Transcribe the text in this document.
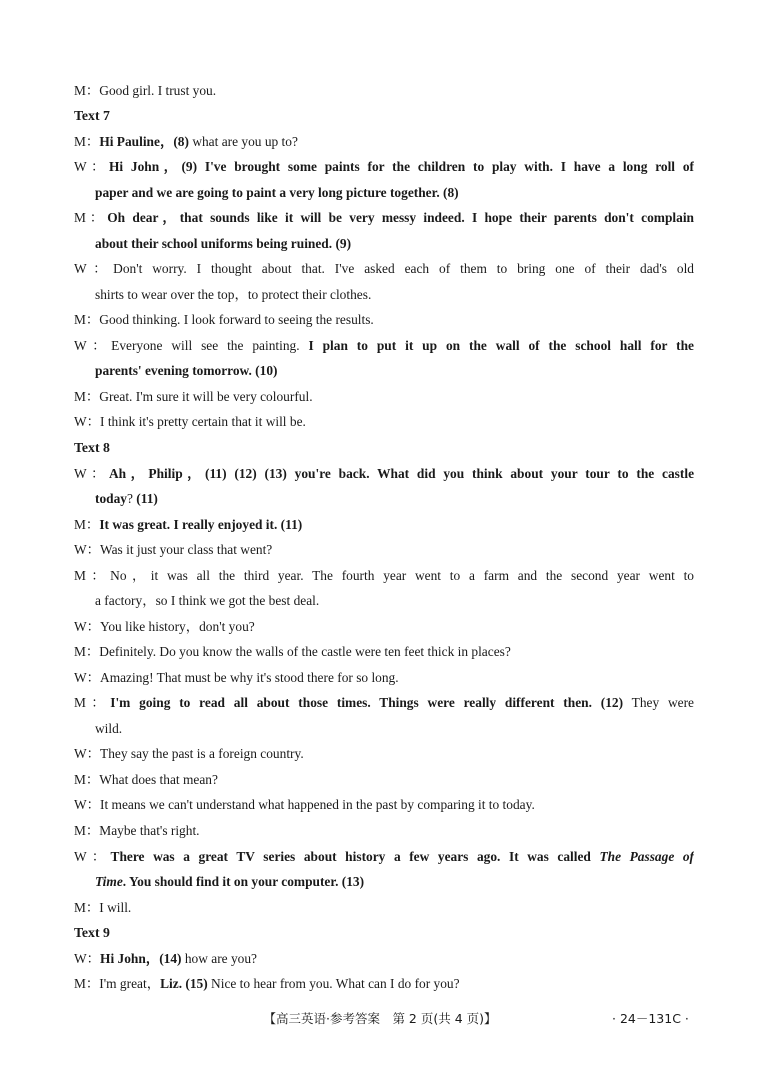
M：Good girl. I trust you.
Text 7
M：Hi Pauline，(8) what are you up to?
W：Hi John，(9) I've brought some paints for the children to play with. I have a long roll of
paper and we are going to paint a very long picture together. (8)
M：Oh dear，that sounds like it will be very messy indeed. I hope their parents don't complain
about their school uniforms being ruined. (9)
W：Don't worry. I thought about that. I've asked each of them to bring one of their dad's old
shirts to wear over the top，to protect their clothes.
M：Good thinking. I look forward to seeing the results.
W：Everyone will see the painting. I plan to put it up on the wall of the school hall for the
parents' evening tomorrow. (10)
M：Great. I'm sure it will be very colourful.
W：I think it's pretty certain that it will be.
Text 8
W：Ah，Philip，(11) (12) (13) you're back. What did you think about your tour to the castle
today? (11)
M：It was great. I really enjoyed it. (11)
W：Was it just your class that went?
M：No，it was all the third year. The fourth year went to a farm and the second year went to
a factory，so I think we got the best deal.
W：You like history，don't you?
M：Definitely. Do you know the walls of the castle were ten feet thick in places?
W：Amazing! That must be why it's stood there for so long.
M：I'm going to read all about those times. Things were really different then. (12) They were
wild.
W：They say the past is a foreign country.
M：What does that mean?
W：It means we can't understand what happened in the past by comparing it to today.
M：Maybe that's right.
W：There was a great TV series about history a few years ago. It was called The Passage of
Time. You should find it on your computer. (13)
M：I will.
Text 9
W：Hi John，(14) how are you?
M：I'm great，Liz. (15) Nice to hear from you. What can I do for you?
【高三英语·参考答案　第 2 页(共 4 页)】	· 24－131C ·
